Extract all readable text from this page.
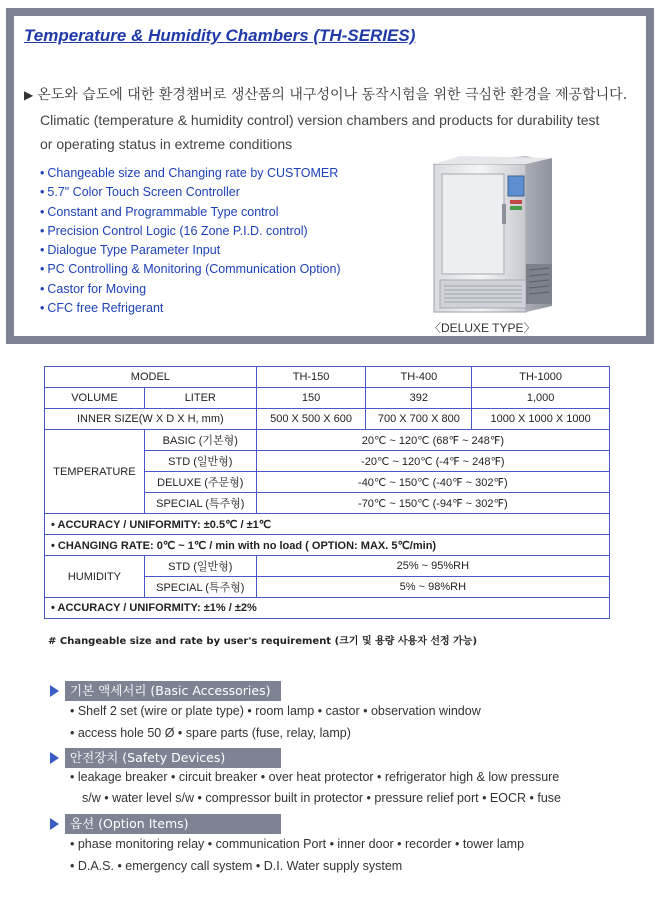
Temperature & Humidity Chambers (TH-SERIES)
▶ 온도와 습도에 대한 환경챔버로 생산품의 내구성이나 동작시험을 위한 극심한 환경을 제공합니다.
Climatic (temperature & humidity control) version chambers and products for durability test
or operating status in extreme conditions
• Changeable size and Changing rate by CUSTOMER
• 5.7" Color Touch Screen Controller
• Constant and Programmable Type control
• Precision Control Logic (16 Zone P.I.D. control)
• Dialogue Type Parameter Input
• PC Controlling & Monitoring (Communication Option)
• Castor for Moving
• CFC free Refrigerant
〈DELUXE TYPE〉
MODEL		TH-150	TH-400	TH-1000
VOLUME	LITER	150	392	1,000
INNER SIZE(W X D X H, mm)		500 X 500 X 600	700 X 700 X 800	1000 X 1000 X 1000
TEMPERATURE	BASIC (기본형)	20℃ ~ 120℃ (68℉ ~ 248℉)		
	STD (일반형)	-20℃ ~ 120℃ (-4℉ ~ 248℉)		
	DELUXE (주문형)	-40℃ ~ 150℃ (-40℉ ~ 302℉)		
	SPECIAL (특주형)	-70℃ ~ 150℃ (-94℉ ~ 302℉)		
• ACCURACY / UNIFORMITY: ±0.5℃ / ±1℃				
• CHANGING RATE: 0℃ ~ 1℃ / min with no load ( OPTION: MAX. 5℃/min)				
HUMIDITY	STD (일반형)	25% ~ 95%RH		
	SPECIAL (특주형)	5% ~ 98%RH		
• ACCURACY / UNIFORMITY: ±1% / ±2%				
# Changeable size and rate by user's requirement (크기 및 용량 사용자 선정 가능)
기본 액세서리 (Basic Accessories)
• Shelf 2 set (wire or plate type) • room lamp • castor • observation window
• access hole 50 Ø • spare parts (fuse, relay, lamp)
안전장치 (Safety Devices)
• leakage breaker • circuit breaker • over heat protector • refrigerator high & low pressure
s/w • water level s/w • compressor built in protector • pressure relief port • EOCR • fuse
옵션 (Option Items)
• phase monitoring relay • communication Port • inner door • recorder • tower lamp
• D.A.S. • emergency call system • D.I. Water supply system
